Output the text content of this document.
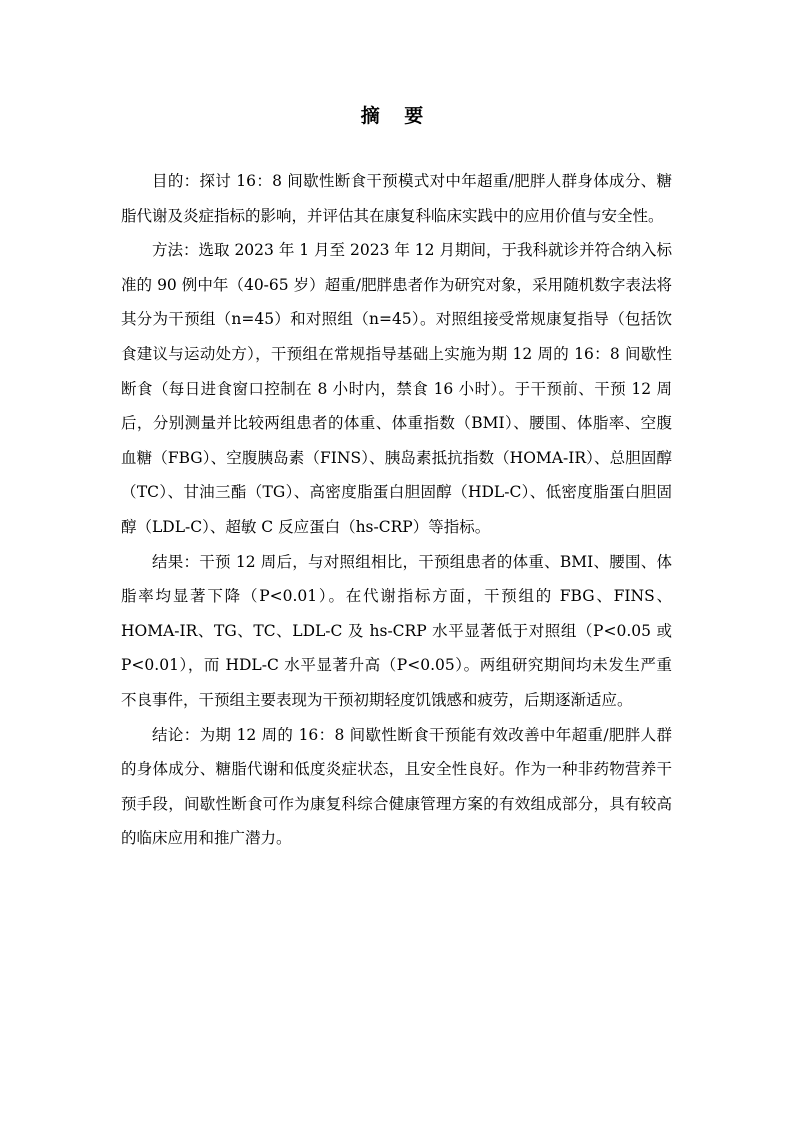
摘 要

目的：探讨 16：8 间歇性断食干预模式对中年超重/肥胖人群身体成分、糖脂代谢及炎症指标的影响，并评估其在康复科临床实践中的应用价值与安全性。

方法：选取 2023 年 1 月至 2023 年 12 月期间，于我科就诊并符合纳入标准的 90 例中年（40-65 岁）超重/肥胖患者作为研究对象，采用随机数字表法将其分为干预组（n=45）和对照组（n=45）。对照组接受常规康复指导（包括饮食建议与运动处方），干预组在常规指导基础上实施为期 12 周的 16：8 间歇性断食（每日进食窗口控制在 8 小时内，禁食 16 小时）。于干预前、干预 12 周后，分别测量并比较两组患者的体重、体重指数（BMI）、腰围、体脂率、空腹血糖（FBG）、空腹胰岛素（FINS）、胰岛素抵抗指数（HOMA-IR）、总胆固醇（TC）、甘油三酯（TG）、高密度脂蛋白胆固醇（HDL-C）、低密度脂蛋白胆固醇（LDL-C）、超敏 C 反应蛋白（hs-CRP）等指标。

结果：干预 12 周后，与对照组相比，干预组患者的体重、BMI、腰围、体脂率均显著下降（P<0.01）。在代谢指标方面，干预组的 FBG、FINS、HOMA-IR、TG、TC、LDL-C 及 hs-CRP 水平显著低于对照组（P<0.05 或 P<0.01），而 HDL-C 水平显著升高（P<0.05）。两组研究期间均未发生严重不良事件，干预组主要表现为干预初期轻度饥饿感和疲劳，后期逐渐适应。

结论：为期 12 周的 16：8 间歇性断食干预能有效改善中年超重/肥胖人群的身体成分、糖脂代谢和低度炎症状态，且安全性良好。作为一种非药物营养干预手段，间歇性断食可作为康复科综合健康管理方案的有效组成部分，具有较高的临床应用和推广潜力。
